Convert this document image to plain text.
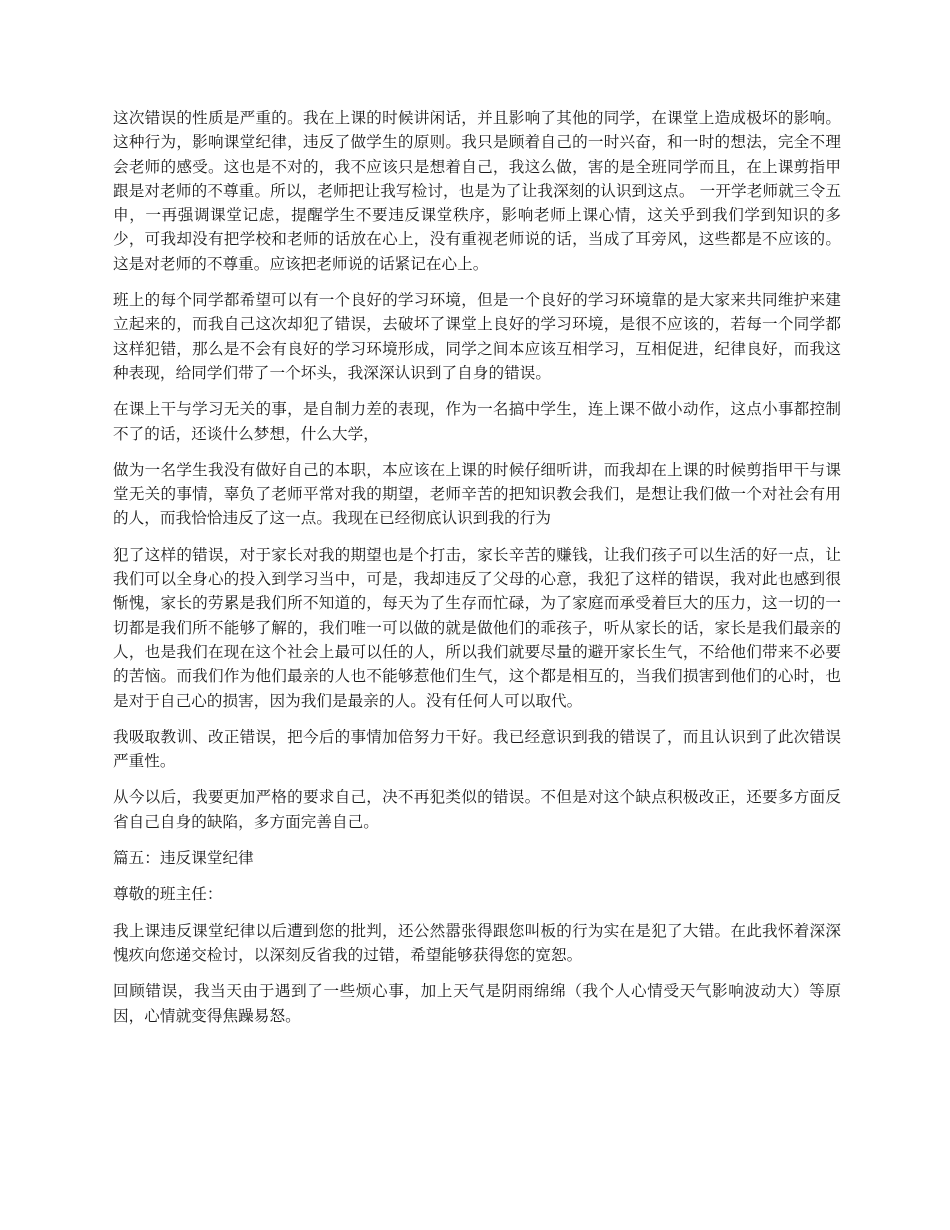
这次错误的性质是严重的。我在上课的时候讲闲话，并且影响了其他的同学，在课堂上造成极坏的影响。这种行为，影响课堂纪律，违反了做学生的原则。我只是顾着自己的一时兴奋，和一时的想法，完全不理会老师的感受。这也是不对的，我不应该只是想着自己，我这么做，害的是全班同学而且，在上课剪指甲跟是对老师的不尊重。所以，老师把让我写检讨，也是为了让我深刻的认识到这点。 一开学老师就三令五申，一再强调课堂记虑，提醒学生不要违反课堂秩序，影响老师上课心情，这关乎到我们学到知识的多少，可我却没有把学校和老师的话放在心上，没有重视老师说的话，当成了耳旁风，这些都是不应该的。这是对老师的不尊重。应该把老师说的话紧记在心上。

班上的每个同学都希望可以有一个良好的学习环境，但是一个良好的学习环境靠的是大家来共同维护来建立起来的，而我自己这次却犯了错误，去破坏了课堂上良好的学习环境，是很不应该的，若每一个同学都这样犯错，那么是不会有良好的学习环境形成，同学之间本应该互相学习，互相促进，纪律良好，而我这种表现，给同学们带了一个坏头，我深深认识到了自身的错误。

在课上干与学习无关的事，是自制力差的表现，作为一名搞中学生，连上课不做小动作，这点小事都控制不了的话，还谈什么梦想，什么大学，

做为一名学生我没有做好自己的本职，本应该在上课的时候仔细听讲，而我却在上课的时候剪指甲干与课堂无关的事情，辜负了老师平常对我的期望，老师辛苦的把知识教会我们，是想让我们做一个对社会有用的人，而我恰恰违反了这一点。我现在已经彻底认识到我的行为

犯了这样的错误，对于家长对我的期望也是个打击，家长辛苦的赚钱，让我们孩子可以生活的好一点，让我们可以全身心的投入到学习当中，可是，我却违反了父母的心意，我犯了这样的错误，我对此也感到很惭愧，家长的劳累是我们所不知道的，每天为了生存而忙碌，为了家庭而承受着巨大的压力，这一切的一切都是我们所不能够了解的，我们唯一可以做的就是做他们的乖孩子，听从家长的话，家长是我们最亲的人，也是我们在现在这个社会上最可以任的人，所以我们就要尽量的避开家长生气，不给他们带来不必要的苦恼。而我们作为他们最亲的人也不能够惹他们生气，这个都是相互的，当我们损害到他们的心时，也是对于自己心的损害，因为我们是最亲的人。没有任何人可以取代。

我吸取教训、改正错误，把今后的事情加倍努力干好。我已经意识到我的错误了，而且认识到了此次错误严重性。

从今以后，我要更加严格的要求自己，决不再犯类似的错误。不但是对这个缺点积极改正，还要多方面反省自己自身的缺陷，多方面完善自己。

篇五：违反课堂纪律

尊敬的班主任：

我上课违反课堂纪律以后遭到您的批判，还公然嚣张得跟您叫板的行为实在是犯了大错。在此我怀着深深愧疚向您递交检讨，以深刻反省我的过错，希望能够获得您的宽恕。

回顾错误，我当天由于遇到了一些烦心事，加上天气是阴雨绵绵（我个人心情受天气影响波动大）等原因，心情就变得焦躁易怒。
